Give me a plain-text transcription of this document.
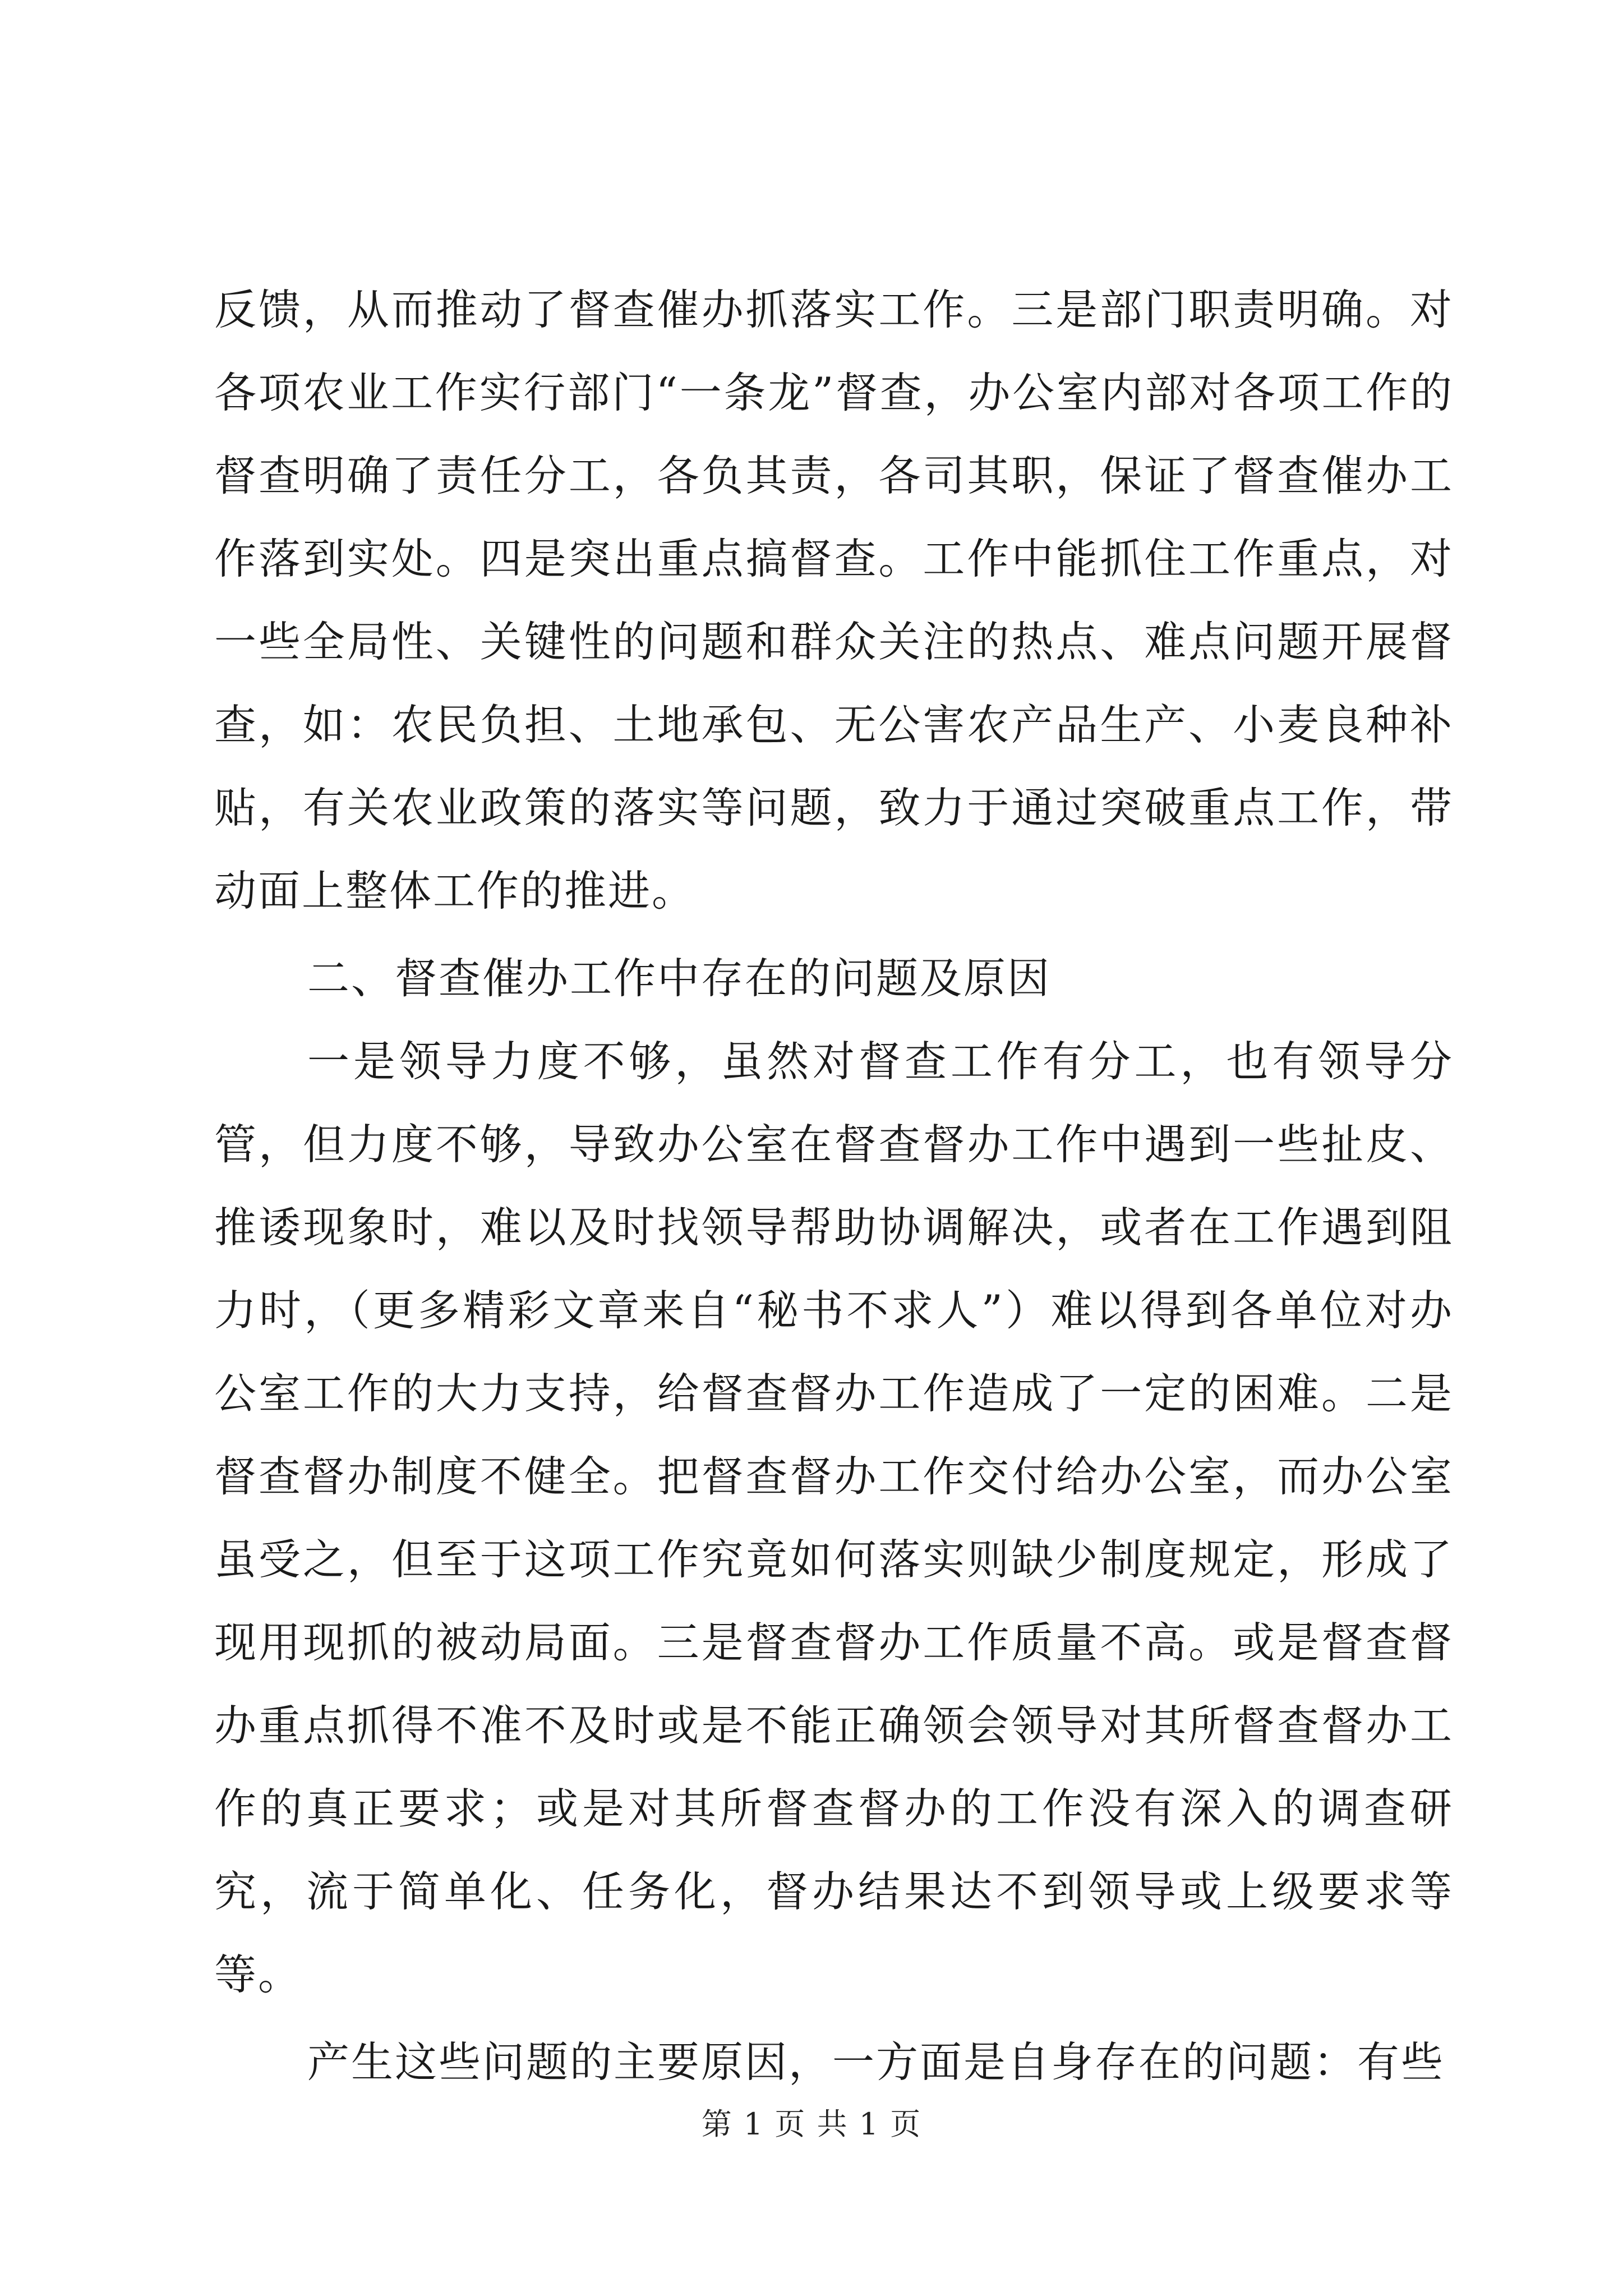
反馈，从而推动了督查催办抓落实工作。三是部门职责明确。对各项农业工作实行部门“一条龙”督查，办公室内部对各项工作的督查明确了责任分工，各负其责，各司其职，保证了督查催办工作落到实处。四是突出重点搞督查。工作中能抓住工作重点，对一些全局性、关键性的问题和群众关注的热点、难点问题开展督查，如：农民负担、土地承包、无公害农产品生产、小麦良种补贴，有关农业政策的落实等问题，致力于通过突破重点工作，带动面上整体工作的推进。

二、督查催办工作中存在的问题及原因

一是领导力度不够，虽然对督查工作有分工，也有领导分管，但力度不够，导致办公室在督查督办工作中遇到一些扯皮、推诿现象时，难以及时找领导帮助协调解决，或者在工作遇到阻力时，（更多精彩文章来自“秘书不求人”）难以得到各单位对办公室工作的大力支持，给督查督办工作造成了一定的困难。二是督查督办制度不健全。把督查督办工作交付给办公室，而办公室虽受之，但至于这项工作究竟如何落实则缺少制度规定，形成了现用现抓的被动局面。三是督查督办工作质量不高。或是督查督办重点抓得不准不及时或是不能正确领会领导对其所督查督办工作的真正要求；或是对其所督查督办的工作没有深入的调查研究，流于简单化、任务化，督办结果达不到领导或上级要求等等。

产生这些问题的主要原因，一方面是自身存在的问题：有些

第 1 页 共 1 页
